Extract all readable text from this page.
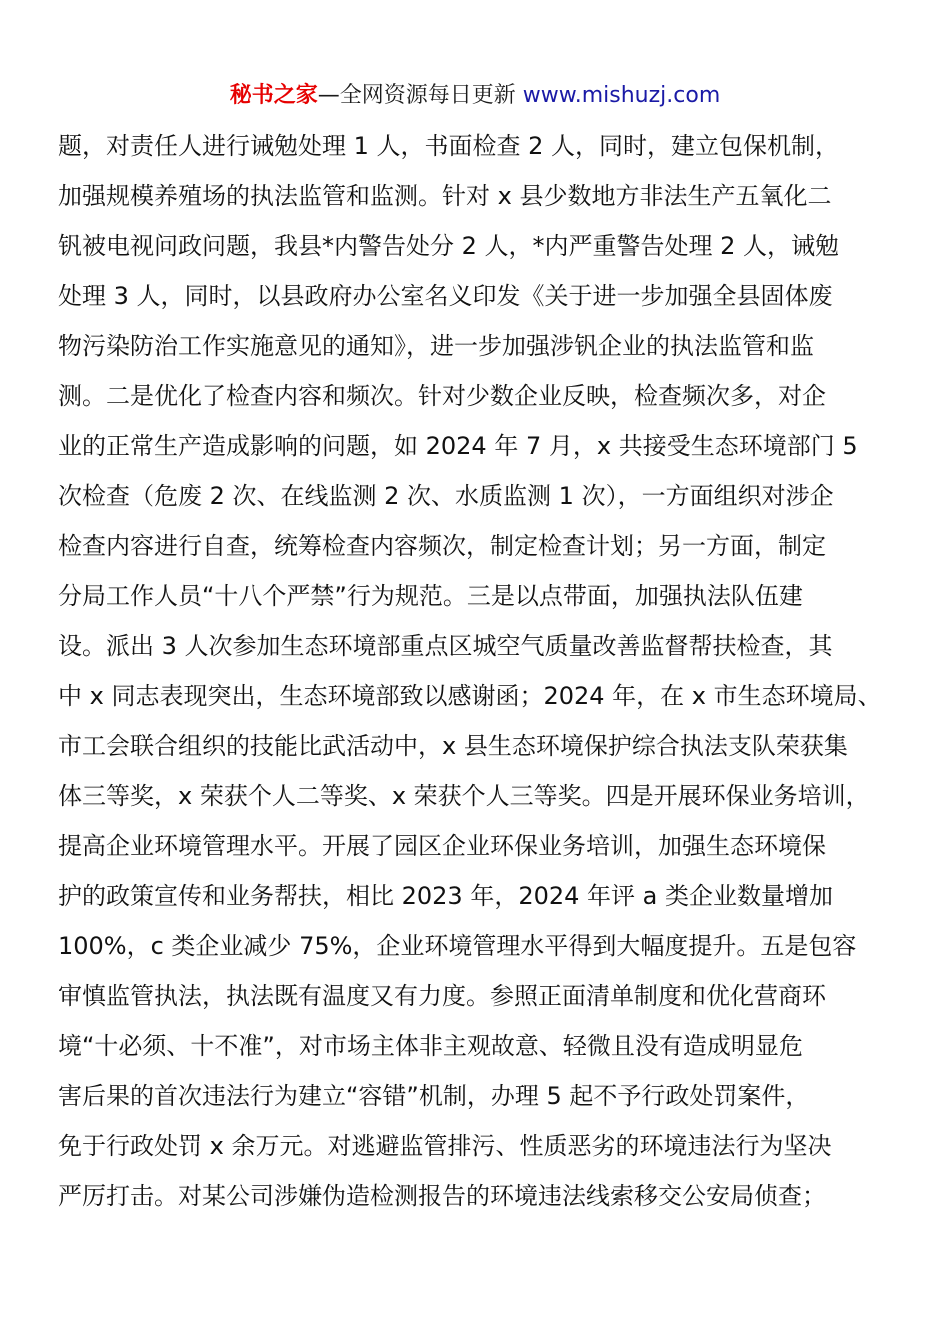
秘书之家—全网资源每日更新 www.mishuzj.com
题，对责任人进行诫勉处理 1 人，书面检查 2 人，同时，建立包保机制，
加强规模养殖场的执法监管和监测。针对 x 县少数地方非法生产五氧化二
钒被电视问政问题，我县*内警告处分 2 人，*内严重警告处理 2 人，诫勉
处理 3 人，同时，以县政府办公室名义印发《关于进一步加强全县固体废
物污染防治工作实施意见的通知》，进一步加强涉钒企业的执法监管和监
测。二是优化了检查内容和频次。针对少数企业反映，检查频次多，对企
业的正常生产造成影响的问题，如 2024 年 7 月，x 共接受生态环境部门 5
次检查（危废 2 次、在线监测 2 次、水质监测 1 次），一方面组织对涉企
检查内容进行自查，统筹检查内容频次，制定检查计划；另一方面，制定
分局工作人员“十八个严禁”行为规范。三是以点带面，加强执法队伍建
设。派出 3 人次参加生态环境部重点区城空气质量改善监督帮扶检查，其
中 x 同志表现突出，生态环境部致以感谢函；2024 年，在 x 市生态环境局、
市工会联合组织的技能比武活动中，x 县生态环境保护综合执法支队荣获集
体三等奖，x 荣获个人二等奖、x 荣获个人三等奖。四是开展环保业务培训，
提高企业环境管理水平。开展了园区企业环保业务培训，加强生态环境保
护的政策宣传和业务帮扶，相比 2023 年，2024 年评 a 类企业数量增加
100%，c 类企业减少 75%，企业环境管理水平得到大幅度提升。五是包容
审慎监管执法，执法既有温度又有力度。参照正面清单制度和优化营商环
境“十必须、十不准”，对市场主体非主观故意、轻微且没有造成明显危
害后果的首次违法行为建立“容错”机制，办理 5 起不予行政处罚案件，
免于行政处罚 x 余万元。对逃避监管排污、性质恶劣的环境违法行为坚决
严厉打击。对某公司涉嫌伪造检测报告的环境违法线索移交公安局侦查；
